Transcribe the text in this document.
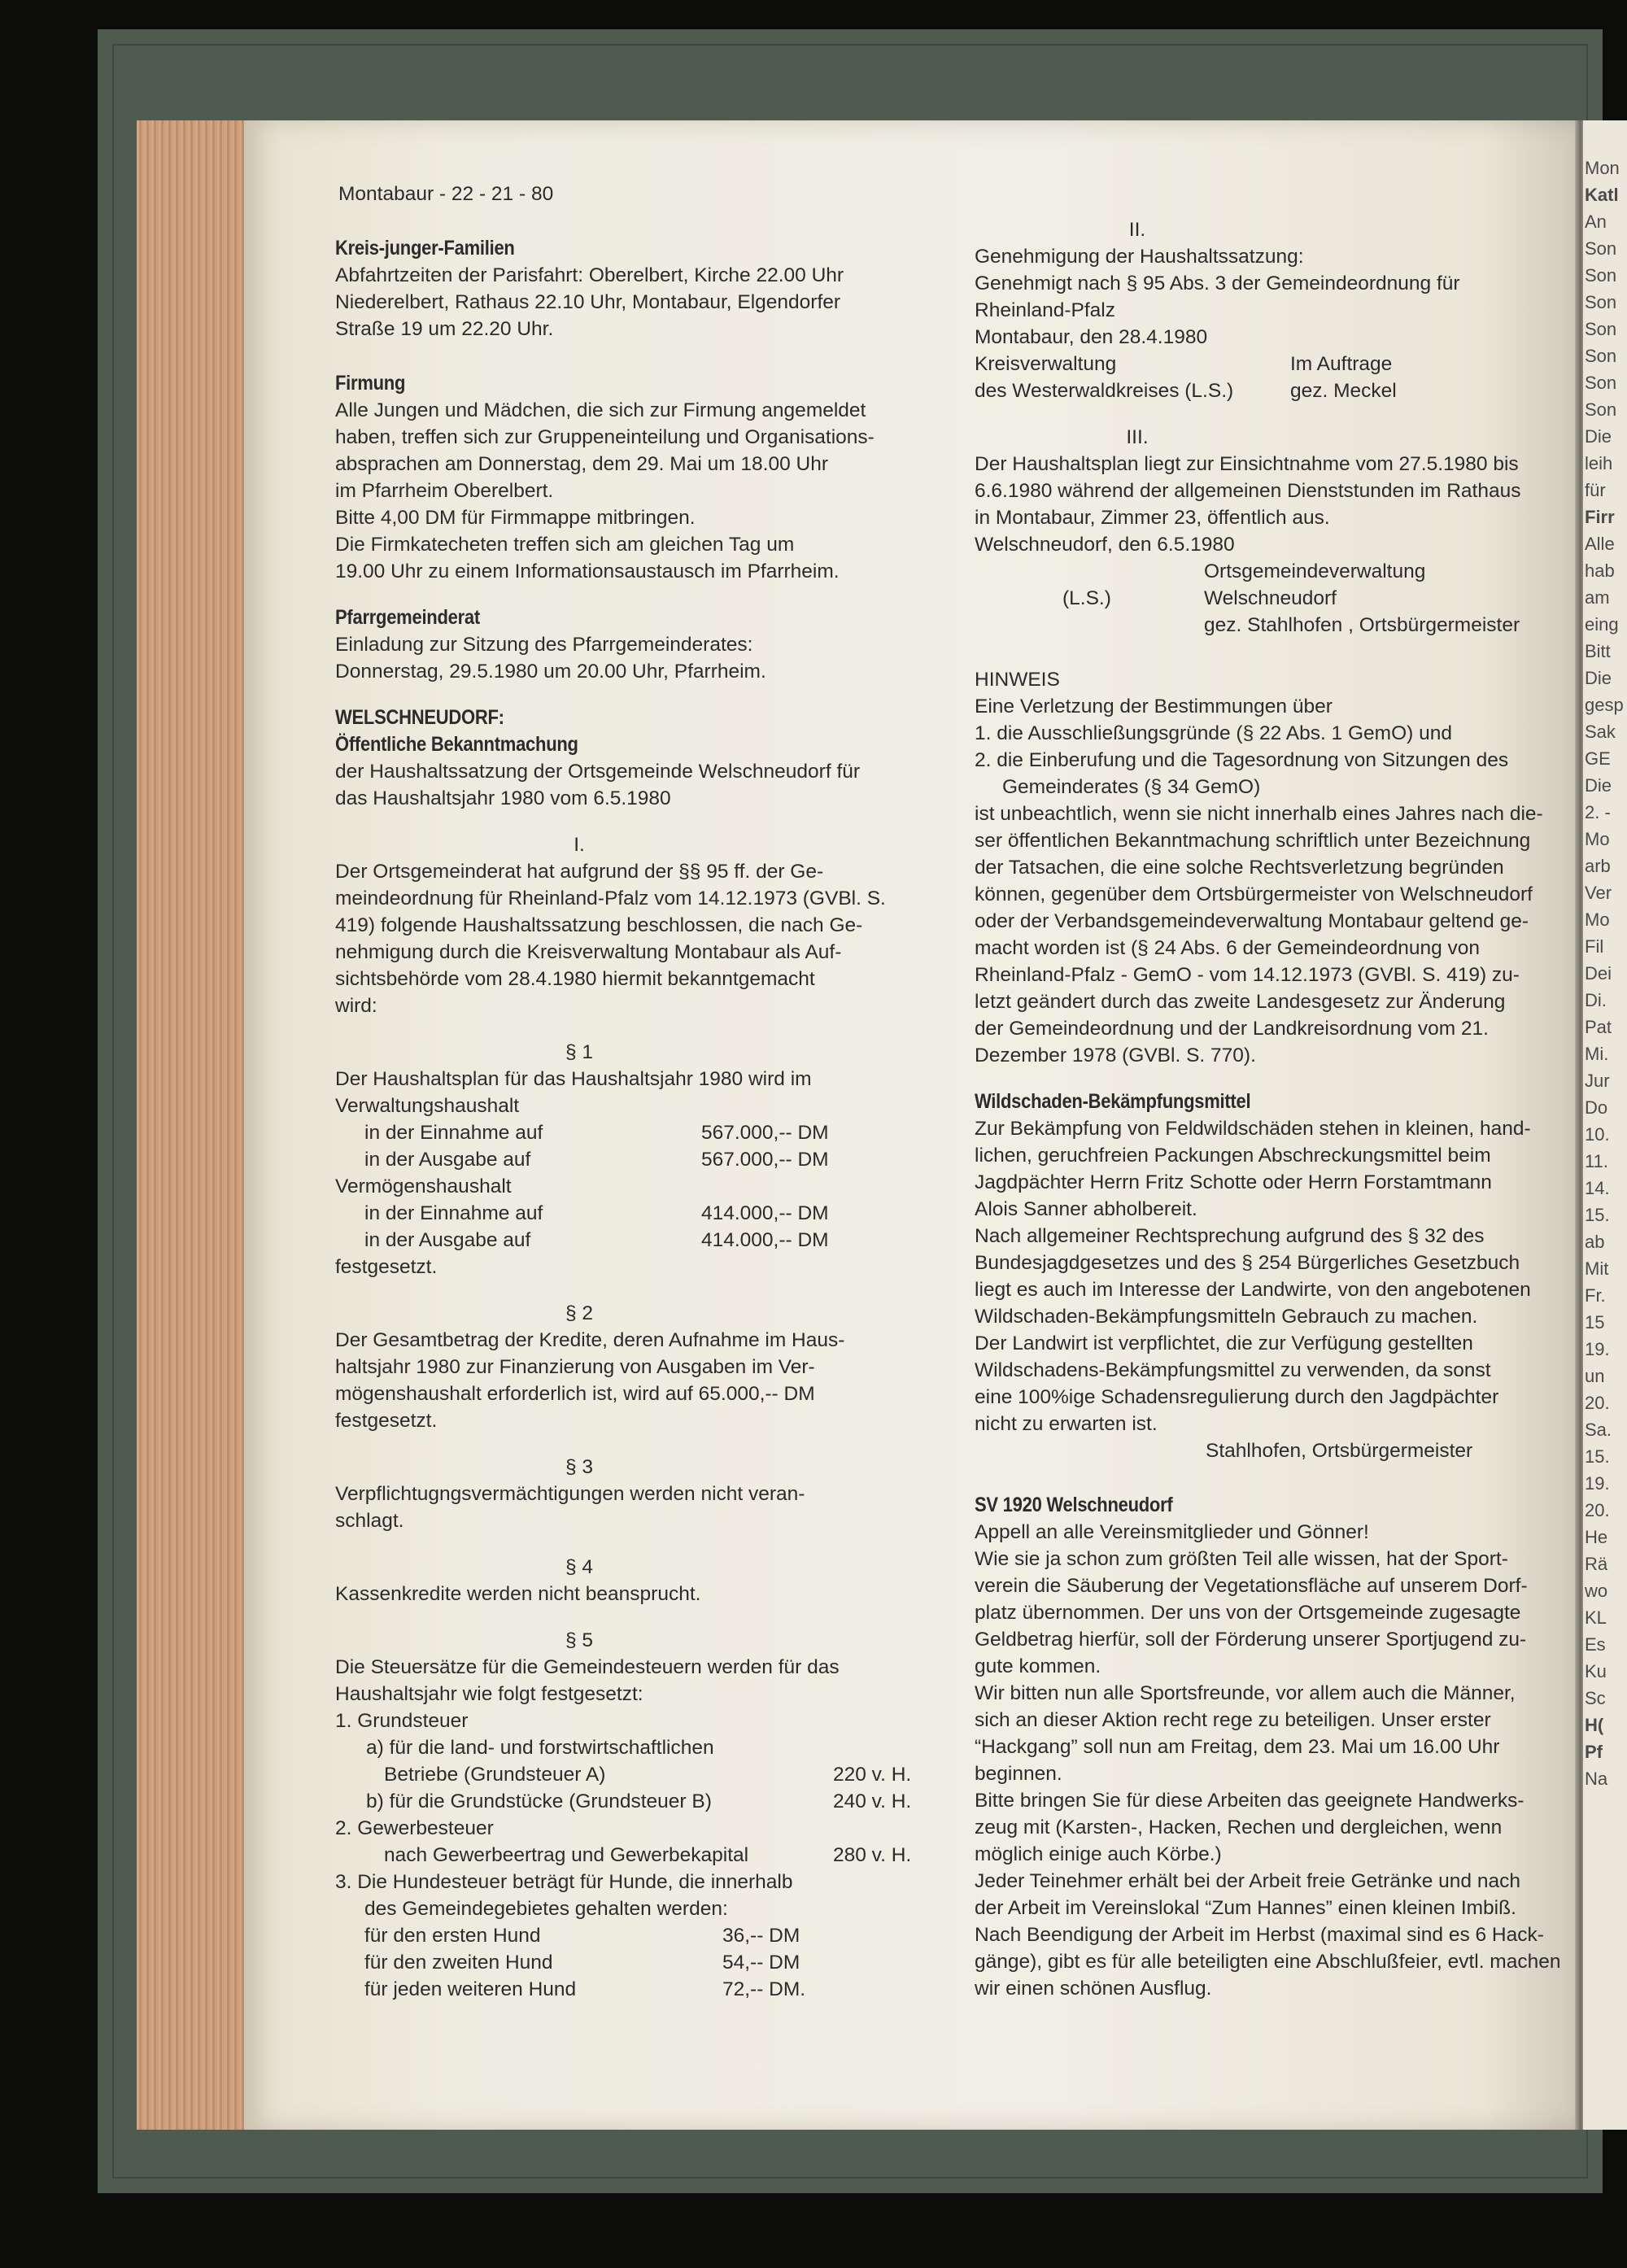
Montabaur - 22 - 21 - 80
Kreis-junger-Familien
Abfahrtzeiten der Parisfahrt: Oberelbert, Kirche 22.00 Uhr
Niederelbert, Rathaus 22.10 Uhr, Montabaur, Elgendorfer
Straße 19 um 22.20 Uhr.
Firmung
Alle Jungen und Mädchen, die sich zur Firmung angemeldet
haben, treffen sich zur Gruppeneinteilung und Organisations-
absprachen am Donnerstag, dem 29. Mai um 18.00 Uhr
im Pfarrheim Oberelbert.
Bitte 4,00 DM für Firmmappe mitbringen.
Die Firmkatecheten treffen sich am gleichen Tag um
19.00 Uhr zu einem Informationsaustausch im Pfarrheim.
Pfarrgemeinderat
Einladung zur Sitzung des Pfarrgemeinderates:
Donnerstag, 29.5.1980 um 20.00 Uhr, Pfarrheim.
WELSCHNEUDORF:
Öffentliche Bekanntmachung
der Haushaltssatzung der Ortsgemeinde Welschneudorf für
das Haushaltsjahr 1980 vom 6.5.1980
I.
Der Ortsgemeinderat hat aufgrund der §§ 95 ff. der Ge-
meindeordnung für Rheinland-Pfalz vom 14.12.1973 (GVBl. S.
419) folgende Haushaltssatzung beschlossen, die nach Ge-
nehmigung durch die Kreisverwaltung Montabaur als Auf-
sichtsbehörde vom 28.4.1980 hiermit bekanntgemacht
wird:
§ 1
Der Haushaltsplan für das Haushaltsjahr 1980 wird im
Verwaltungshaushalt
in der Einnahme auf	567.000,-- DM
in der Ausgabe auf	567.000,-- DM
Vermögenshaushalt
in der Einnahme auf	414.000,-- DM
in der Ausgabe auf	414.000,-- DM
festgesetzt.
§ 2
Der Gesamtbetrag der Kredite, deren Aufnahme im Haus-
haltsjahr 1980 zur Finanzierung von Ausgaben im Ver-
mögenshaushalt erforderlich ist, wird auf 65.000,-- DM
festgesetzt.
§ 3
Verpflichtugngsvermächtigungen werden nicht veran-
schlagt.
§ 4
Kassenkredite werden nicht beansprucht.
§ 5
Die Steuersätze für die Gemeindesteuern werden für das
Haushaltsjahr wie folgt festgesetzt:
1. Grundsteuer
a) für die land- und forstwirtschaftlichen
Betriebe (Grundsteuer A)	220 v. H.
b) für die Grundstücke (Grundsteuer B)	240 v. H.
2. Gewerbesteuer
nach Gewerbeertrag und Gewerbekapital	280 v. H.
3. Die Hundesteuer beträgt für Hunde, die innerhalb
des Gemeindegebietes gehalten werden:
für den ersten Hund	36,-- DM
für den zweiten Hund	54,-- DM
für jeden weiteren Hund	72,-- DM.
II.
Genehmigung der Haushaltssatzung:
Genehmigt nach § 95 Abs. 3 der Gemeindeordnung für
Rheinland-Pfalz
Montabaur, den 28.4.1980
Kreisverwaltung	Im Auftrage
des Westerwaldkreises (L.S.)	gez. Meckel
III.
Der Haushaltsplan liegt zur Einsichtnahme vom 27.5.1980 bis
6.6.1980 während der allgemeinen Dienststunden im Rathaus
in Montabaur, Zimmer 23, öffentlich aus.
Welschneudorf, den 6.5.1980
Ortsgemeindeverwaltung
(L.S.)	Welschneudorf
gez. Stahlhofen , Ortsbürgermeister
HINWEIS
Eine Verletzung der Bestimmungen über
1. die Ausschließungsgründe (§ 22 Abs. 1 GemO) und
2. die Einberufung und die Tagesordnung von Sitzungen des
Gemeinderates (§ 34 GemO)
ist unbeachtlich, wenn sie nicht innerhalb eines Jahres nach die-
ser öffentlichen Bekanntmachung schriftlich unter Bezeichnung
der Tatsachen, die eine solche Rechtsverletzung begründen
können, gegenüber dem Ortsbürgermeister von Welschneudorf
oder der Verbandsgemeindeverwaltung Montabaur geltend ge-
macht worden ist (§ 24 Abs. 6 der Gemeindeordnung von
Rheinland-Pfalz - GemO - vom 14.12.1973 (GVBl. S. 419) zu-
letzt geändert durch das zweite Landesgesetz zur Änderung
der Gemeindeordnung und der Landkreisordnung vom 21.
Dezember 1978 (GVBl. S. 770).
Wildschaden-Bekämpfungsmittel
Zur Bekämpfung von Feldwildschäden stehen in kleinen, hand-
lichen, geruchfreien Packungen Abschreckungsmittel beim
Jagdpächter Herrn Fritz Schotte oder Herrn Forstamtmann
Alois Sanner abholbereit.
Nach allgemeiner Rechtsprechung aufgrund des § 32 des
Bundesjagdgesetzes und des § 254 Bürgerliches Gesetzbuch
liegt es auch im Interesse der Landwirte, von den angebotenen
Wildschaden-Bekämpfungsmitteln Gebrauch zu machen.
Der Landwirt ist verpflichtet, die zur Verfügung gestellten
Wildschadens-Bekämpfungsmittel zu verwenden, da sonst
eine 100%ige Schadensregulierung durch den Jagdpächter
nicht zu erwarten ist.
Stahlhofen, Ortsbürgermeister
SV 1920 Welschneudorf
Appell an alle Vereinsmitglieder und Gönner!
Wie sie ja schon zum größten Teil alle wissen, hat der Sport-
verein die Säuberung der Vegetationsfläche auf unserem Dorf-
platz übernommen. Der uns von der Ortsgemeinde zugesagte
Geldbetrag hierfür, soll der Förderung unserer Sportjugend zu-
gute kommen.
Wir bitten nun alle Sportsfreunde, vor allem auch die Männer,
sich an dieser Aktion recht rege zu beteiligen. Unser erster
“Hackgang” soll nun am Freitag, dem 23. Mai um 16.00 Uhr
beginnen.
Bitte bringen Sie für diese Arbeiten das geeignete Handwerks-
zeug mit (Karsten-, Hacken, Rechen und dergleichen, wenn
möglich einige auch Körbe.)
Jeder Teinehmer erhält bei der Arbeit freie Getränke und nach
der Arbeit im Vereinslokal “Zum Hannes” einen kleinen Imbiß.
Nach Beendigung der Arbeit im Herbst (maximal sind es 6 Hack-
gänge), gibt es für alle beteiligten eine Abschlußfeier, evtl. machen
wir einen schönen Ausflug.
Mon
Katl
An
Son
Son
Son
Son
Son
Son
Son
Die
leih
für
Firr
Alle
hab
am
eing
Bitt
Die
gesp
Sak
GE
Die
2. -
Mo
arb
Ver
Mo
Fil
Dei
Di.
Pat
Mi.
Jur
Do
10.
11.
14.
15.
ab
Mit
Fr.
15
19.
un
20.
Sa.
15.
19.
20.
He
Rä
wo
KL
Es
Ku
Sc
H(
Pf
Na
